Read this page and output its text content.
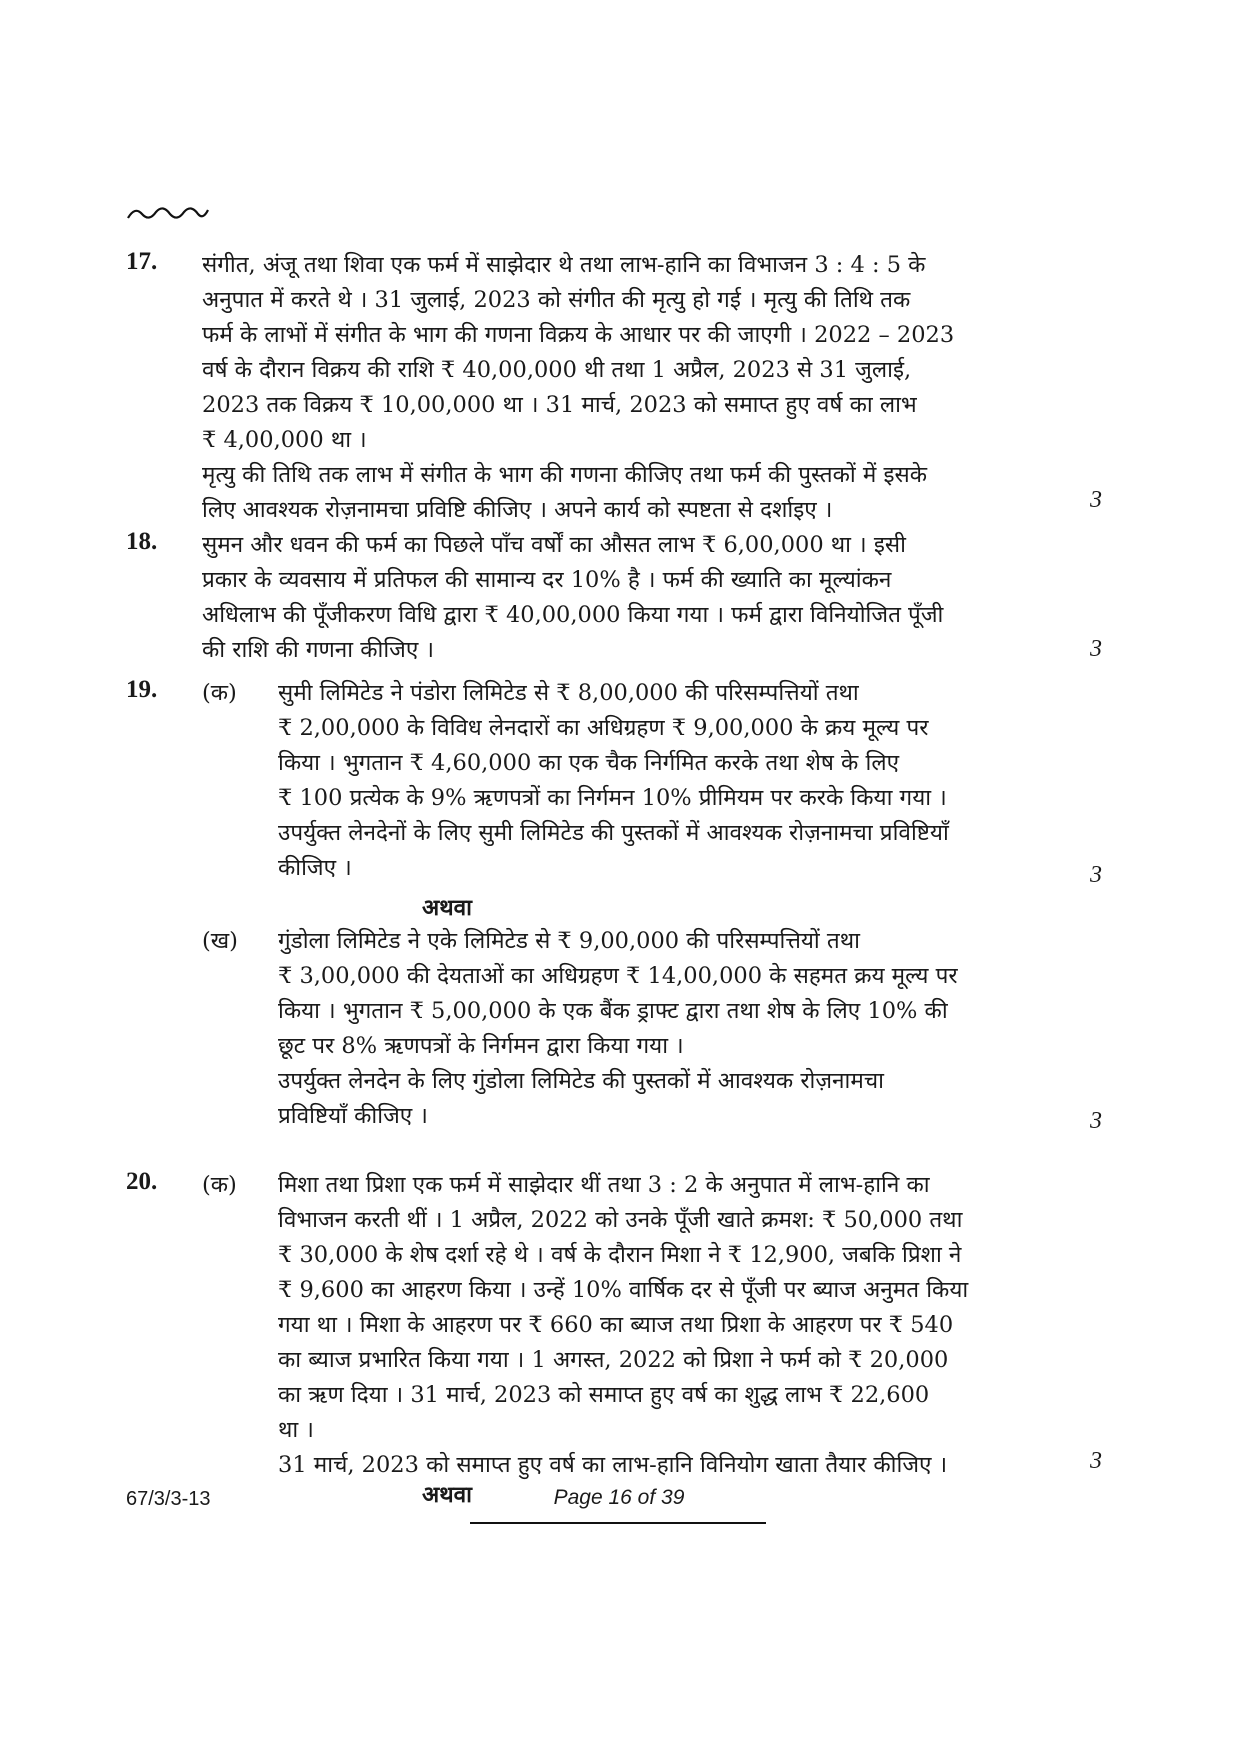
17. संगीत, अंजू तथा शिवा एक फर्म में साझेदार थे तथा लाभ-हानि का विभाजन 3 : 4 : 5 के
अनुपात में करते थे । 31 जुलाई, 2023 को संगीत की मृत्यु हो गई । मृत्यु की तिथि तक
फर्म के लाभों में संगीत के भाग की गणना विक्रय के आधार पर की जाएगी । 2022 – 2023
वर्ष के दौरान विक्रय की राशि ₹ 40,00,000 थी तथा 1 अप्रैल, 2023 से 31 जुलाई,
2023 तक विक्रय ₹ 10,00,000 था । 31 मार्च, 2023 को समाप्त हुए वर्ष का लाभ
₹ 4,00,000 था ।
मृत्यु की तिथि तक लाभ में संगीत के भाग की गणना कीजिए तथा फर्म की पुस्तकों में इसके
लिए आवश्यक रोज़नामचा प्रविष्टि कीजिए । अपने कार्य को स्पष्टता से दर्शाइए ।	3
18. सुमन और धवन की फर्म का पिछले पाँच वर्षों का औसत लाभ ₹ 6,00,000 था । इसी
प्रकार के व्यवसाय में प्रतिफल की सामान्य दर 10% है । फर्म की ख्याति का मूल्यांकन
अधिलाभ की पूँजीकरण विधि द्वारा ₹ 40,00,000 किया गया । फर्म द्वारा विनियोजित पूँजी
की राशि की गणना कीजिए ।	3
19. (क) सुमी लिमिटेड ने पंडोरा लिमिटेड से ₹ 8,00,000 की परिसम्पत्तियों तथा
₹ 2,00,000 के विविध लेनदारों का अधिग्रहण ₹ 9,00,000 के क्रय मूल्य पर
किया । भुगतान ₹ 4,60,000 का एक चैक निर्गमित करके तथा शेष के लिए
₹ 100 प्रत्येक के 9% ऋणपत्रों का निर्गमन 10% प्रीमियम पर करके किया गया ।
उपर्युक्त लेनदेनों के लिए सुमी लिमिटेड की पुस्तकों में आवश्यक रोज़नामचा प्रविष्टियाँ
कीजिए ।

अथवा
(ख) गुंडोला लिमिटेड ने एके लिमिटेड से ₹ 9,00,000 की परिसम्पत्तियों तथा
₹ 3,00,000 की देयताओं का अधिग्रहण ₹ 14,00,000 के सहमत क्रय मूल्य पर
किया । भुगतान ₹ 5,00,000 के एक बैंक ड्राफ्ट द्वारा तथा शेष के लिए 10% की
छूट पर 8% ऋणपत्रों के निर्गमन द्वारा किया गया ।
उपर्युक्त लेनदेन के लिए गुंडोला लिमिटेड की पुस्तकों में आवश्यक रोज़नामचा
प्रविष्टियाँ कीजिए ।

3
3
20. (क) मिशा तथा प्रिशा एक फर्म में साझेदार थीं तथा 3 : 2 के अनुपात में लाभ-हानि का
विभाजन करती थीं । 1 अप्रैल, 2022 को उनके पूँजी खाते क्रमश: ₹ 50,000 तथा
₹ 30,000 के शेष दर्शा रहे थे । वर्ष के दौरान मिशा ने ₹ 12,900, जबकि प्रिशा ने
₹ 9,600 का आहरण किया । उन्हें 10% वार्षिक दर से पूँजी पर ब्याज अनुमत किया
गया था । मिशा के आहरण पर ₹ 660 का ब्याज तथा प्रिशा के आहरण पर ₹ 540
का ब्याज प्रभारित किया गया । 1 अगस्त, 2022 को प्रिशा ने फर्म को ₹ 20,000
का ऋण दिया । 31 मार्च, 2023 को समाप्त हुए वर्ष का शुद्ध लाभ ₹ 22,600
था ।
31 मार्च, 2023 को समाप्त हुए वर्ष का लाभ-हानि विनियोग खाता तैयार कीजिए ।

अथवा
3
67/3/3-13	Page 16 of 39
